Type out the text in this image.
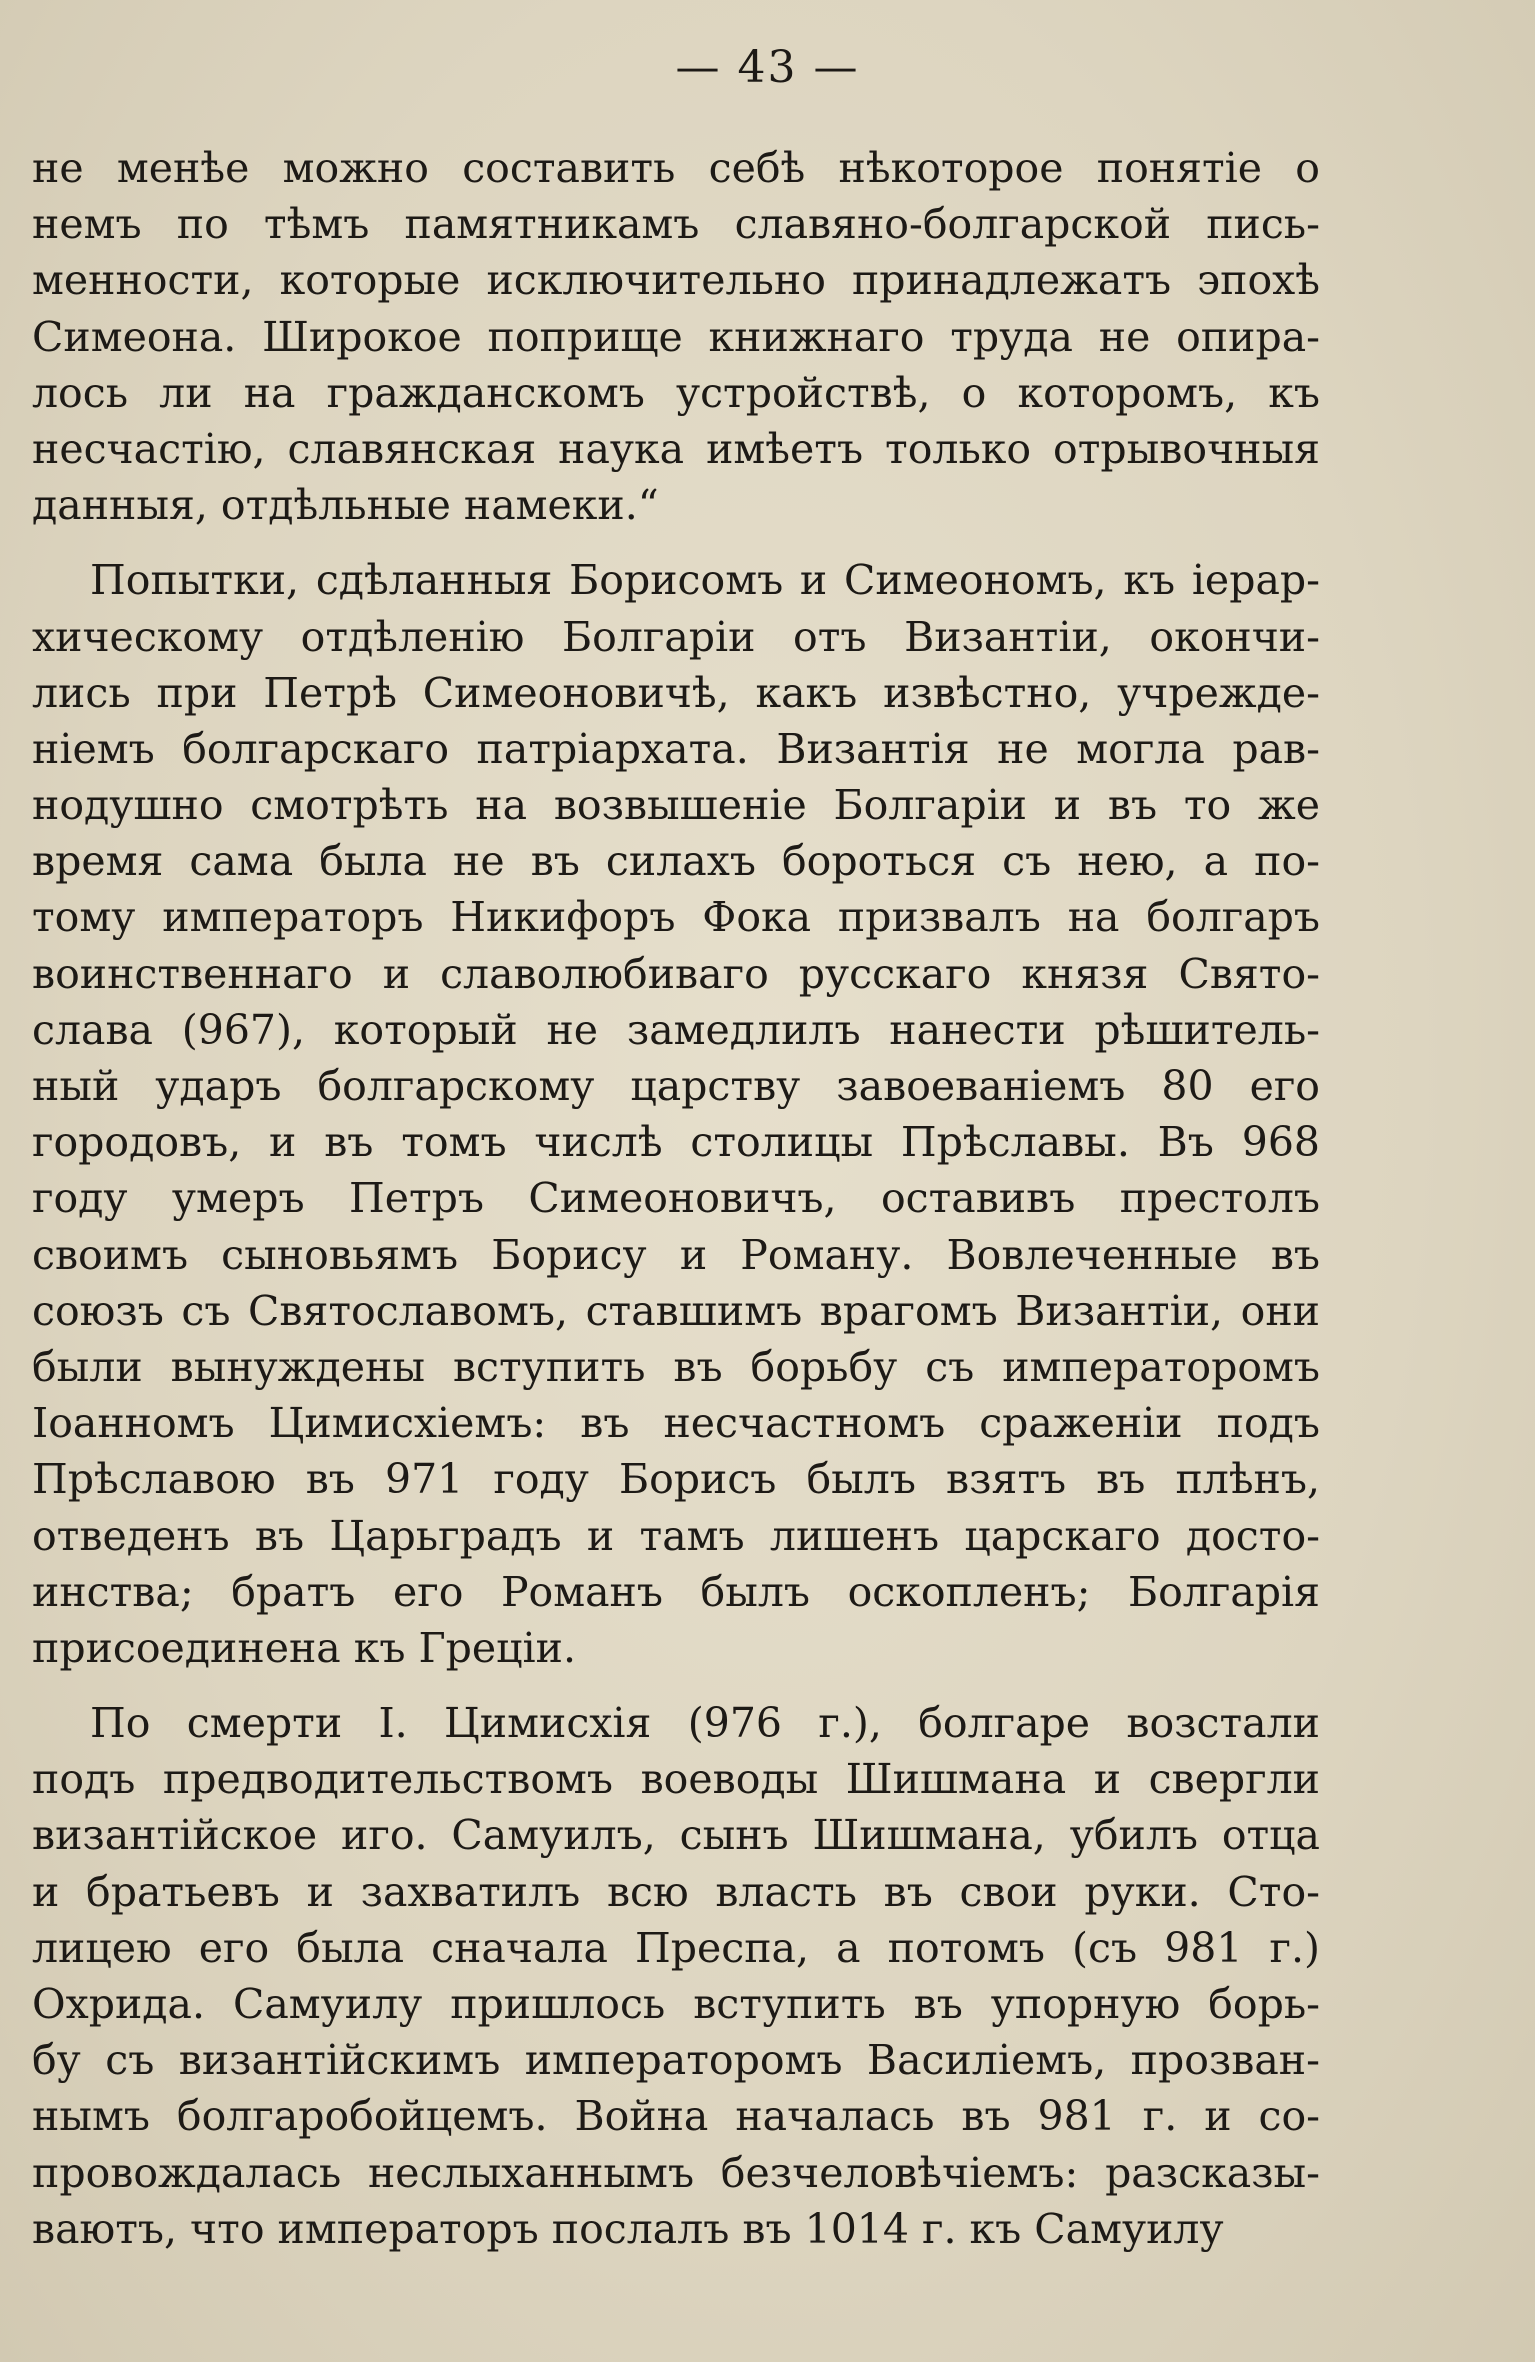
— 43 —
не менѣе можно составить себѣ нѣкоторое понятіе о
немъ по тѣмъ памятникамъ славяно-болгарской пись-
менности, которые исключительно принадлежатъ эпохѣ
Симеона. Широкое поприще книжнаго труда не опира-
лось ли на гражданскомъ устройствѣ, о которомъ, къ
несчастію, славянская наука имѣетъ только отрывочныя
данныя, отдѣльные намеки.“
Попытки, сдѣланныя Борисомъ и Симеономъ, къ іерар-
хическому отдѣленію Болгаріи отъ Византіи, окончи-
лись при Петрѣ Симеоновичѣ, какъ извѣстно, учрежде-
ніемъ болгарскаго патріархата. Византія не могла рав-
нодушно смотрѣть на возвышеніе Болгаріи и въ то же
время сама была не въ силахъ бороться съ нею, а по-
тому императоръ Никифоръ Фока призвалъ на болгаръ
воинственнаго и славолюбиваго русскаго князя Свято-
слава (967), который не замедлилъ нанести рѣшитель-
ный ударъ болгарскому царству завоеваніемъ 80 его
городовъ, и въ томъ числѣ столицы Прѣславы. Въ 968
году умеръ Петръ Симеоновичъ, оставивъ престолъ
своимъ сыновьямъ Борису и Роману. Вовлеченные въ
союзъ съ Святославомъ, ставшимъ врагомъ Византіи, они
были вынуждены вступить въ борьбу съ императоромъ
Іоанномъ Цимисхіемъ: въ несчастномъ сраженіи подъ
Прѣславою въ 971 году Борисъ былъ взятъ въ плѣнъ,
отведенъ въ Царьградъ и тамъ лишенъ царскаго досто-
инства; братъ его Романъ былъ оскопленъ; Болгарія
присоединена къ Греціи.
По смерти І. Цимисхія (976 г.), болгаре возстали
подъ предводительствомъ воеводы Шишмана и свергли
византійское иго. Самуилъ, сынъ Шишмана, убилъ отца
и братьевъ и захватилъ всю власть въ свои руки. Сто-
лицею его была сначала Преспа, а потомъ (съ 981 г.)
Охрида. Самуилу пришлось вступить въ упорную борь-
бу съ византійскимъ императоромъ Василіемъ, прозван-
нымъ болгаробойцемъ. Война началась въ 981 г. и со-
провождалась неслыханнымъ безчеловѣчіемъ: разсказы-
ваютъ, что императоръ послалъ въ 1014 г. къ Самуилу
